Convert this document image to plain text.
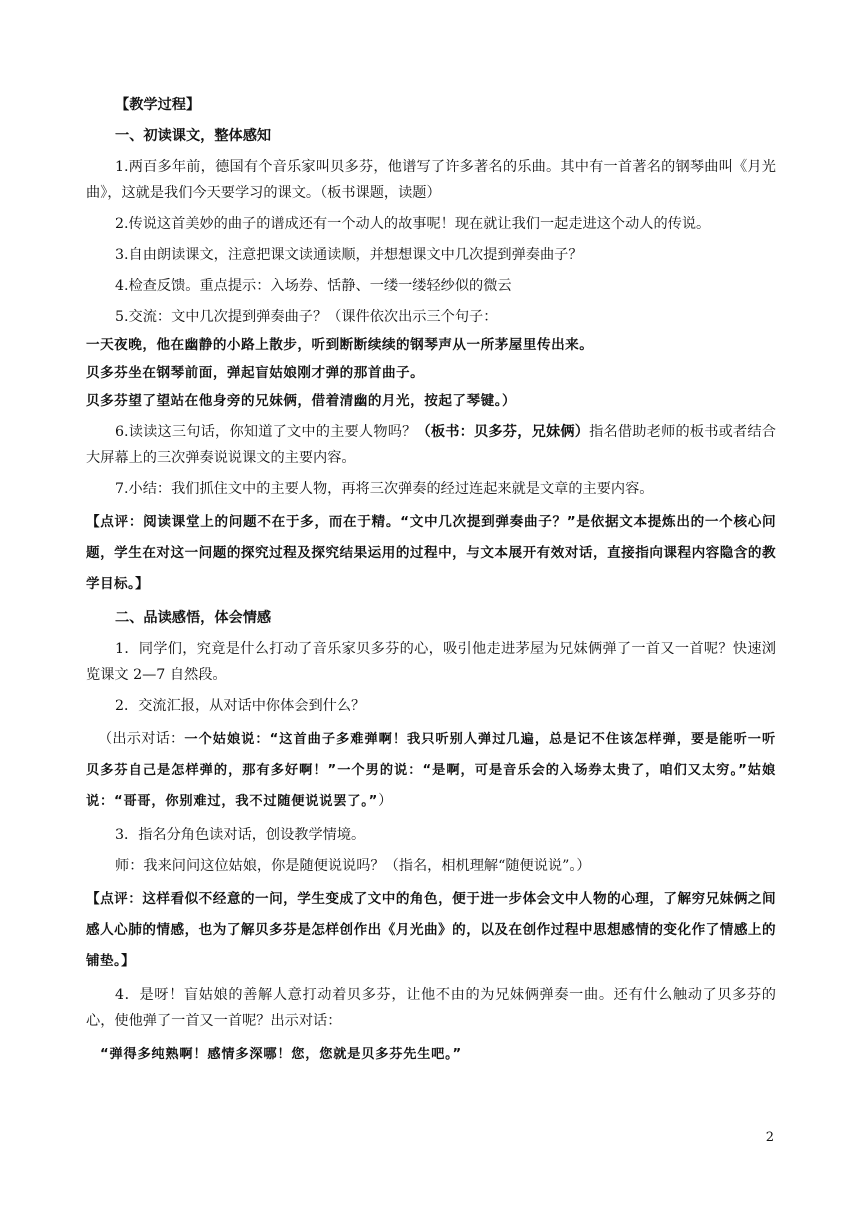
【教学过程】

一、初读课文，整体感知

1.两百多年前，德国有个音乐家叫贝多芬，他谱写了许多著名的乐曲。其中有一首著名的钢琴曲叫《月光曲》，这就是我们今天要学习的课文。（板书课题，读题）

2.传说这首美妙的曲子的谱成还有一个动人的故事呢！现在就让我们一起走进这个动人的传说。

3.自由朗读课文，注意把课文读通读顺，并想想课文中几次提到弹奏曲子？

4.检查反馈。重点提示：入场券、恬静、一缕一缕轻纱似的微云

5.交流：文中几次提到弹奏曲子？（课件依次出示三个句子：

一天夜晚，他在幽静的小路上散步，听到断断续续的钢琴声从一所茅屋里传出来。

贝多芬坐在钢琴前面，弹起盲姑娘刚才弹的那首曲子。

贝多芬望了望站在他身旁的兄妹俩，借着清幽的月光，按起了琴键。）

6.读读这三句话，你知道了文中的主要人物吗？（板书：贝多芬，兄妹俩）指名借助老师的板书或者结合大屏幕上的三次弹奏说说课文的主要内容。

7.小结：我们抓住文中的主要人物，再将三次弹奏的经过连起来就是文章的主要内容。

【点评：阅读课堂上的问题不在于多，而在于精。“文中几次提到弹奏曲子？”是依据文本提炼出的一个核心问题，学生在对这一问题的探究过程及探究结果运用的过程中，与文本展开有效对话，直接指向课程内容隐含的教学目标。】

二、品读感悟，体会情感

1．同学们，究竟是什么打动了音乐家贝多芬的心，吸引他走进茅屋为兄妹俩弹了一首又一首呢？快速浏览课文 2—7 自然段。

2．交流汇报，从对话中你体会到什么？

（出示对话：一个姑娘说：“这首曲子多难弹啊！我只听别人弹过几遍，总是记不住该怎样弹，要是能听一听贝多芬自己是怎样弹的，那有多好啊！”一个男的说：“是啊，可是音乐会的入场券太贵了，咱们又太穷。”姑娘说：“哥哥，你别难过，我不过随便说说罢了。”）

3．指名分角色读对话，创设教学情境。

师：我来问问这位姑娘，你是随便说说吗？（指名，相机理解“随便说说”。）

【点评：这样看似不经意的一问，学生变成了文中的角色，便于进一步体会文中人物的心理，了解穷兄妹俩之间感人心肺的情感，也为了解贝多芬是怎样创作出《月光曲》的，以及在创作过程中思想感情的变化作了情感上的铺垫。】

4．是呀！盲姑娘的善解人意打动着贝多芬，让他不由的为兄妹俩弹奏一曲。还有什么触动了贝多芬的心，使他弹了一首又一首呢？出示对话：

“弹得多纯熟啊！感情多深哪！您，您就是贝多芬先生吧。”

2
